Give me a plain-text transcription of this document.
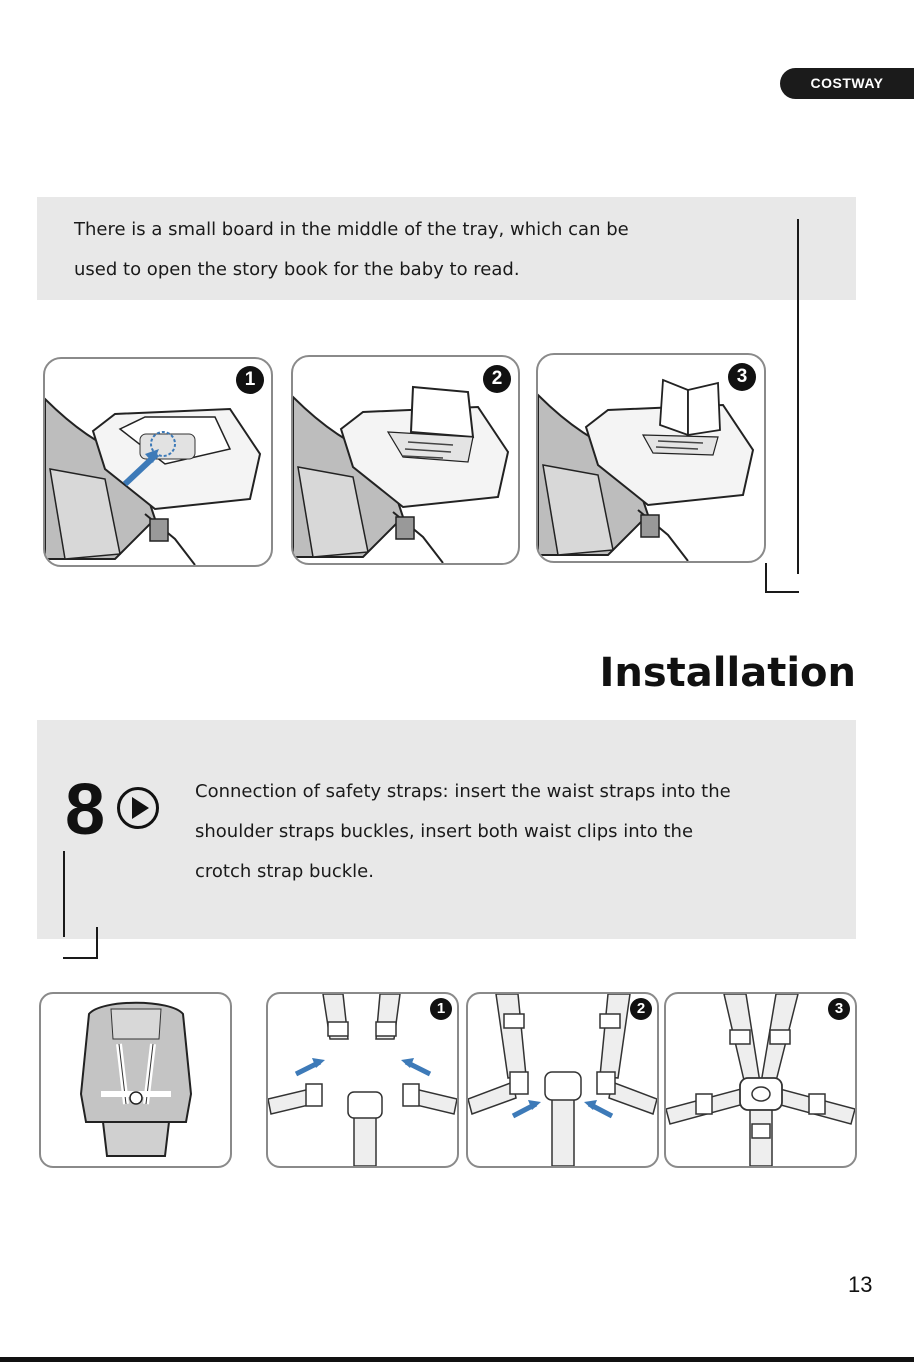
COSTWAY
There is a small board in the middle of the tray, which can be
used to open the story book for the baby to read.
1	2	3
Installation
8	Connection of safety straps: insert the waist straps into the
shoulder straps buckles, insert both waist clips into the
crotch strap buckle.
1	2	3
13
